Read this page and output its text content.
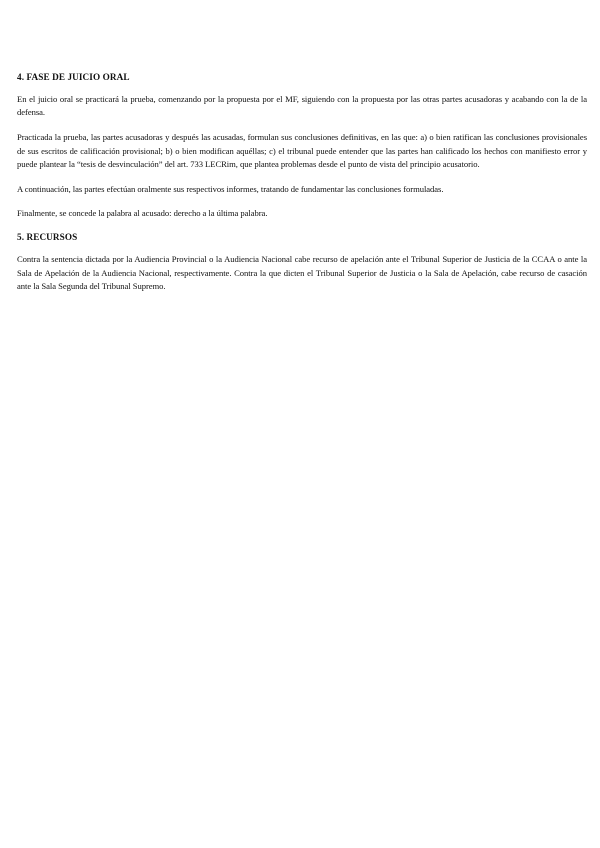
4. FASE DE JUICIO ORAL

En el juicio oral se practicará la prueba, comenzando por la propuesta por el MF, siguiendo con la propuesta por las otras partes acusadoras y acabando con la de la defensa.

Practicada la prueba, las partes acusadoras y después las acusadas, formulan sus conclusiones definitivas, en las que: a) o bien ratifican las conclusiones provisionales de sus escritos de calificación provisional; b) o bien modifican aquéllas; c) el tribunal puede entender que las partes han calificado los hechos con manifiesto error y puede plantear la “tesis de desvinculación” del art. 733 LECRim, que plantea problemas desde el punto de vista del principio acusatorio.

A continuación, las partes efectúan oralmente sus respectivos informes, tratando de fundamentar las conclusiones formuladas.

Finalmente, se concede la palabra al acusado: derecho a la última palabra.

5. RECURSOS

Contra la sentencia dictada por la Audiencia Provincial o la Audiencia Nacional cabe recurso de apelación ante el Tribunal Superior de Justicia de la CCAA o ante la Sala de Apelación de la Audiencia Nacional, respectivamente. Contra la que dicten el Tribunal Superior de Justicia o la Sala de Apelación, cabe recurso de casación ante la Sala Segunda del Tribunal Supremo.
